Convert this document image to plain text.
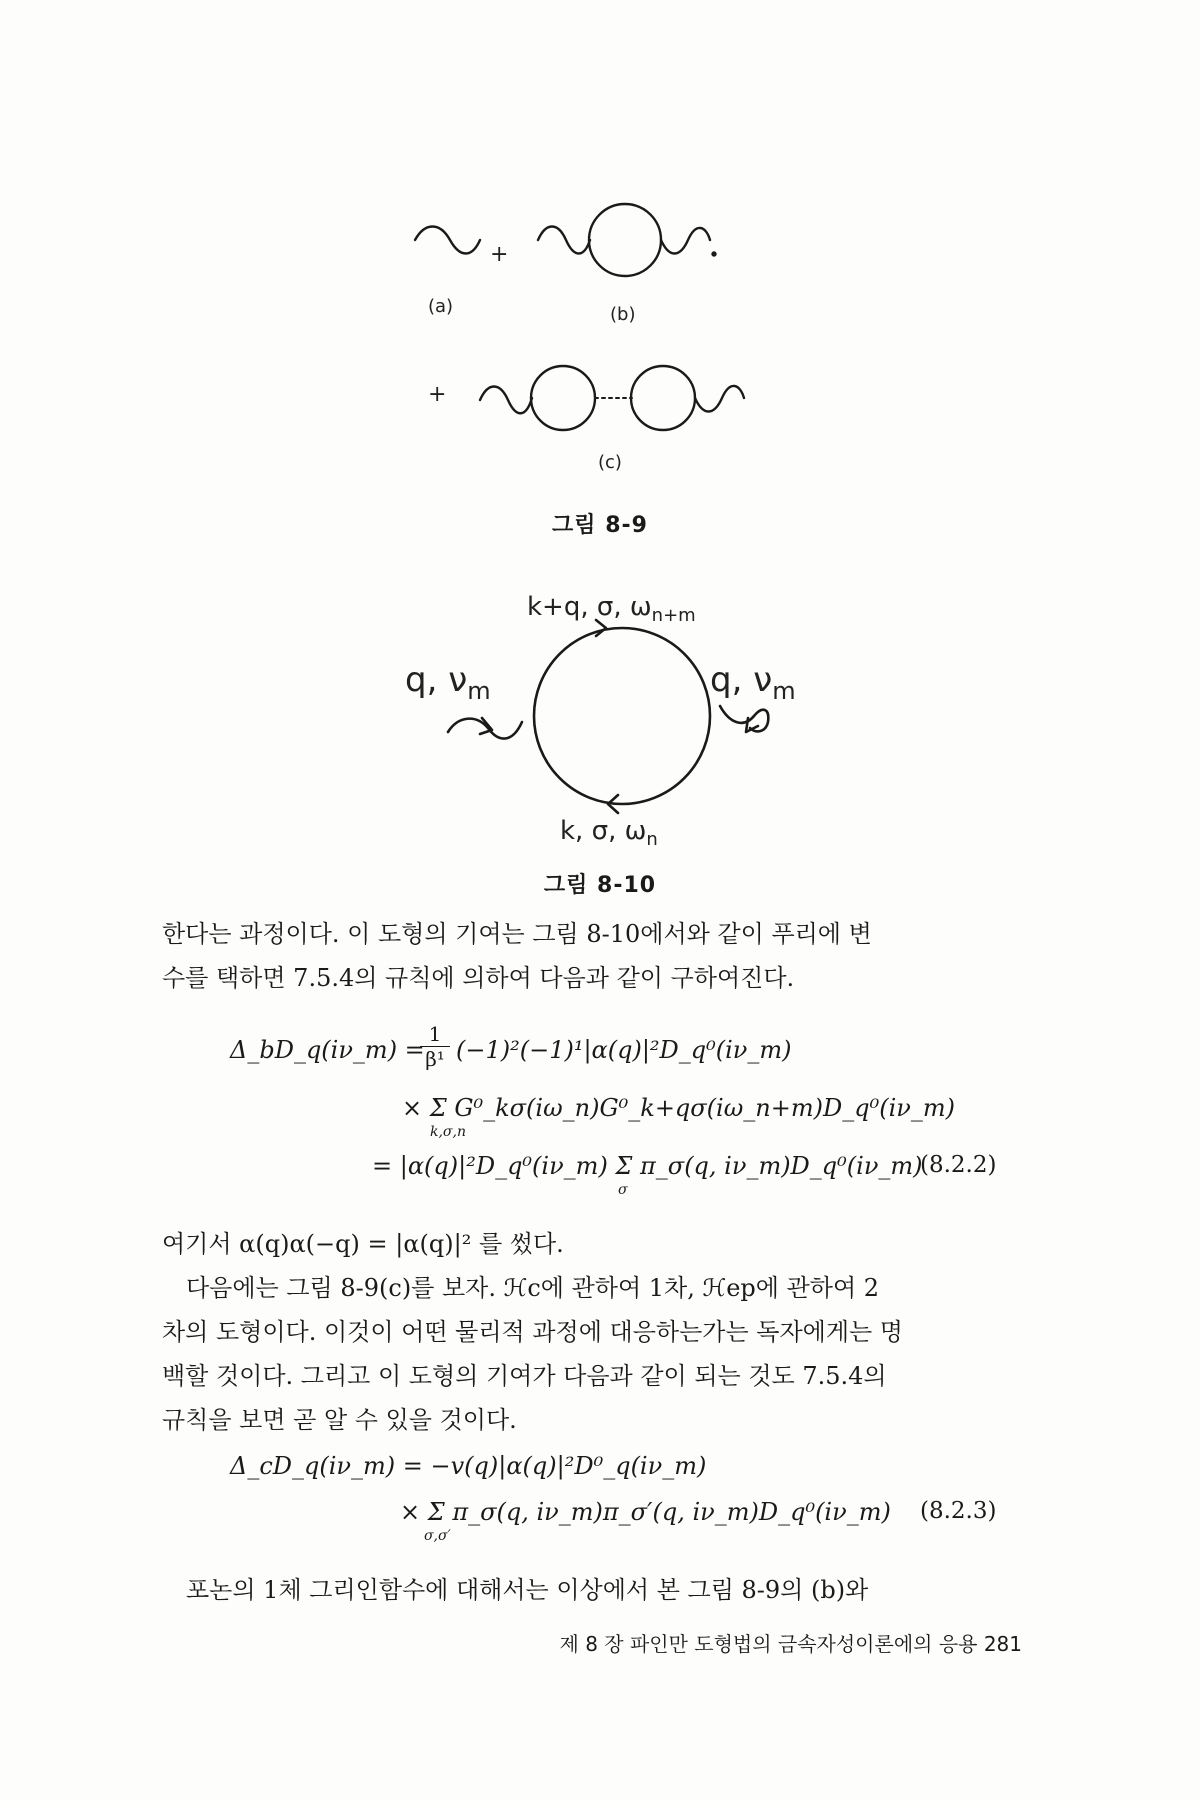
+
(a)	(b)
+
(c)
그림 8-9
k+q, σ, $\omega_{n+m}$
q, $\nu_m$	q, $\nu_m$
k, σ, $\omega_n$
그림 8-10

한다는 과정이다. 이 도형의 기여는 그림 8-10에서와 같이 푸리에 변

수를 택하면 7.5.4의 규칙에 의하여 다음과 같이 구하여진다.

Δ_bD_q(iν_m) =
$\frac{1}{\text{β¹}}$ (−1)²(−1)¹|α(q)|²D_q⁰(iν_m)
× Σ G⁰_kσ(iω_n)G⁰_k+qσ(iω_n+m)D_q⁰(iν_m)
k,σ,n
= |α(q)|²D_q⁰(iν_m) Σ π_σ(q, iν_m)D_q⁰(iν_m)
σ
(8.2.2)

여기서 α(q)α(−q) = |α(q)|² 를 썼다.

다음에는 그림 8-9(c)를 보자. ℋc에 관하여 1차, ℋep에 관하여 2

차의 도형이다. 이것이 어떤 물리적 과정에 대응하는가는 독자에게는 명

백할 것이다. 그리고 이 도형의 기여가 다음과 같이 되는 것도 7.5.4의

규칙을 보면 곧 알 수 있을 것이다.

Δ_cD_q(iν_m) = −v(q)|α(q)|²D⁰_q(iν_m)
× Σ π_σ(q, iν_m)π_σ′(q, iν_m)D_q⁰(iν_m)
σ,σ′
(8.2.3)

포논의 1체 그리인함수에 대해서는 이상에서 본 그림 8-9의 (b)와

제 8 장 파인만 도형법의 금속자성이론에의 응용 281
